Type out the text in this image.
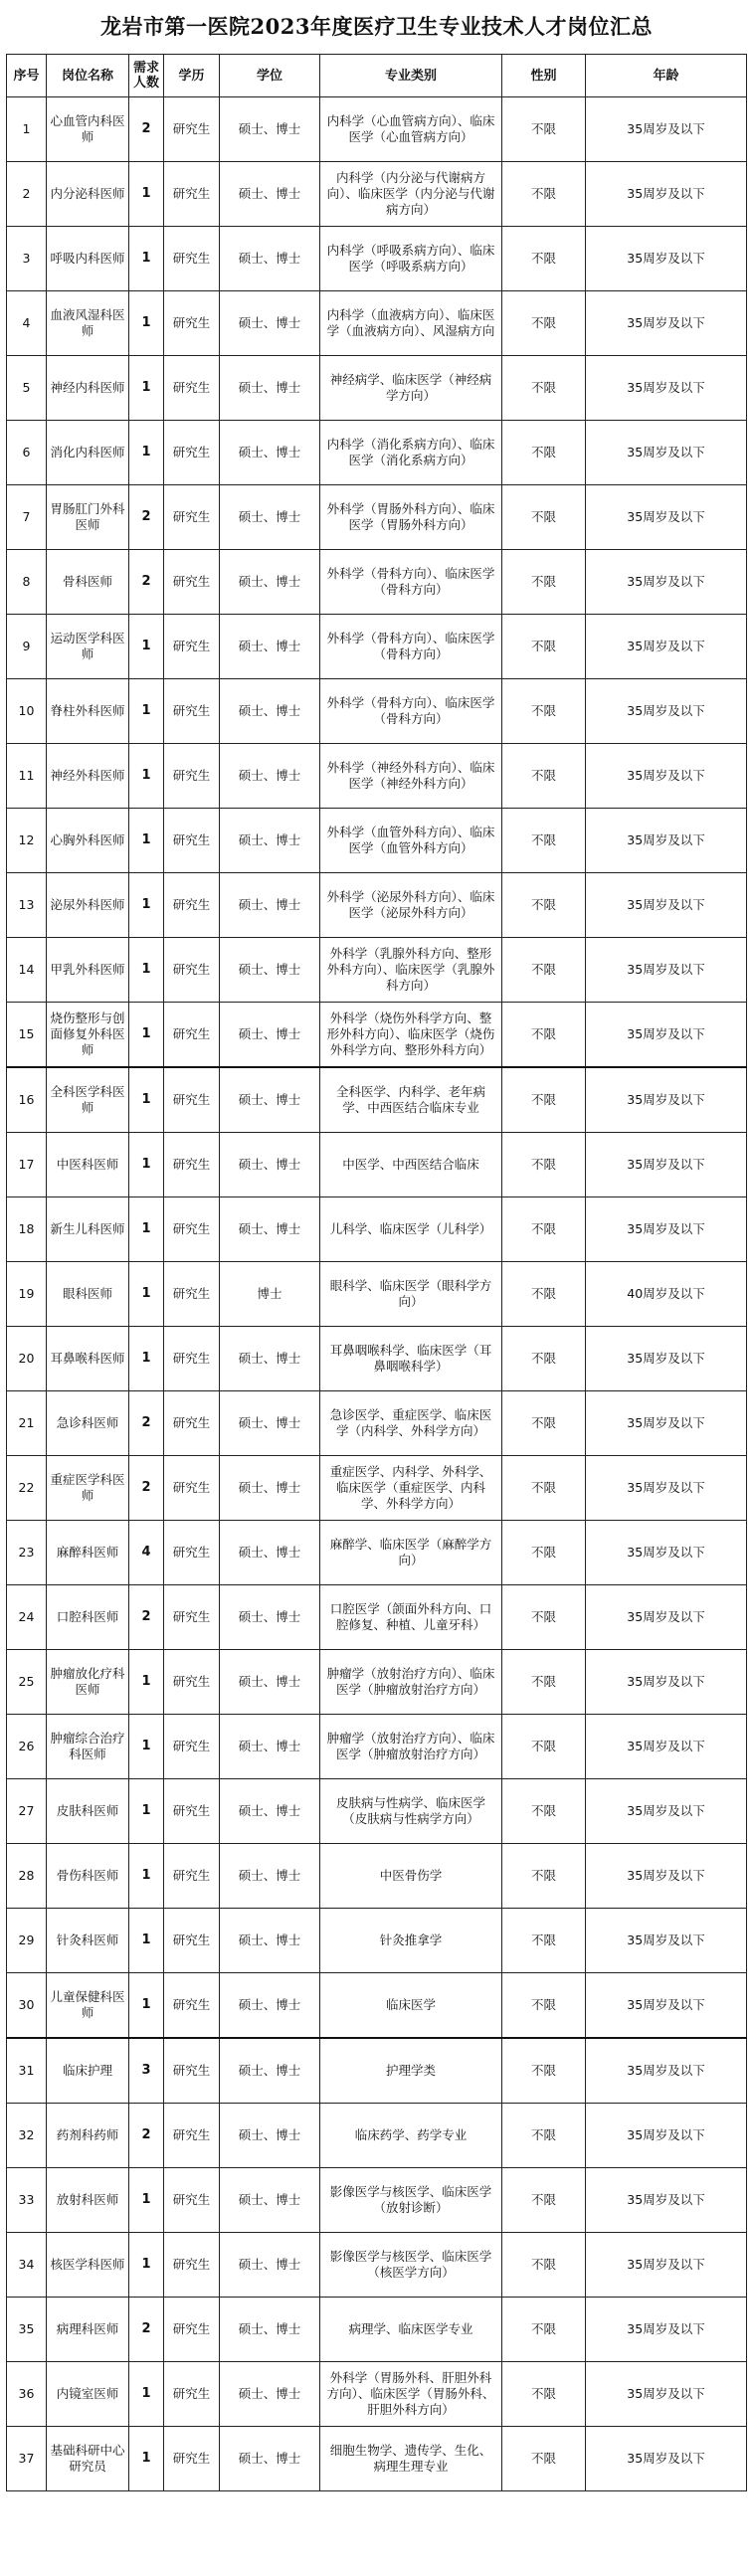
龙岩市第一医院2023年度医疗卫生专业技术人才岗位汇总
序号	岗位名称	需求人数	学历	学位	专业类别	性别	年龄
1	心血管内科医师	2	研究生	硕士、博士	内科学（心血管病方向）、临床医学（心血管病方向）	不限	35周岁及以下
2	内分泌科医师	1	研究生	硕士、博士	内科学（内分泌与代谢病方向）、临床医学（内分泌与代谢病方向）	不限	35周岁及以下
3	呼吸内科医师	1	研究生	硕士、博士	内科学（呼吸系病方向）、临床医学（呼吸系病方向）	不限	35周岁及以下
4	血液风湿科医师	1	研究生	硕士、博士	内科学（血液病方向）、临床医学（血液病方向）、风湿病方向	不限	35周岁及以下
5	神经内科医师	1	研究生	硕士、博士	神经病学、临床医学（神经病学方向）	不限	35周岁及以下
6	消化内科医师	1	研究生	硕士、博士	内科学（消化系病方向）、临床医学（消化系病方向）	不限	35周岁及以下
7	胃肠肛门外科医师	2	研究生	硕士、博士	外科学（胃肠外科方向）、临床医学（胃肠外科方向）	不限	35周岁及以下
8	骨科医师	2	研究生	硕士、博士	外科学（骨科方向）、临床医学（骨科方向）	不限	35周岁及以下
9	运动医学科医师	1	研究生	硕士、博士	外科学（骨科方向）、临床医学（骨科方向）	不限	35周岁及以下
10	脊柱外科医师	1	研究生	硕士、博士	外科学（骨科方向）、临床医学（骨科方向）	不限	35周岁及以下
11	神经外科医师	1	研究生	硕士、博士	外科学（神经外科方向）、临床医学（神经外科方向）	不限	35周岁及以下
12	心胸外科医师	1	研究生	硕士、博士	外科学（血管外科方向）、临床医学（血管外科方向）	不限	35周岁及以下
13	泌尿外科医师	1	研究生	硕士、博士	外科学（泌尿外科方向）、临床医学（泌尿外科方向）	不限	35周岁及以下
14	甲乳外科医师	1	研究生	硕士、博士	外科学（乳腺外科方向、整形外科方向）、临床医学（乳腺外科方向）	不限	35周岁及以下
15	烧伤整形与创面修复外科医师	1	研究生	硕士、博士	外科学（烧伤外科学方向、整形外科方向）、临床医学（烧伤外科学方向、整形外科方向）	不限	35周岁及以下
16	全科医学科医师	1	研究生	硕士、博士	全科医学、内科学、老年病学、中西医结合临床专业	不限	35周岁及以下
17	中医科医师	1	研究生	硕士、博士	中医学、中西医结合临床	不限	35周岁及以下
18	新生儿科医师	1	研究生	硕士、博士	儿科学、临床医学（儿科学）	不限	35周岁及以下
19	眼科医师	1	研究生	博士	眼科学、临床医学（眼科学方向）	不限	40周岁及以下
20	耳鼻喉科医师	1	研究生	硕士、博士	耳鼻咽喉科学、临床医学（耳鼻咽喉科学）	不限	35周岁及以下
21	急诊科医师	2	研究生	硕士、博士	急诊医学、重症医学、临床医学（内科学、外科学方向）	不限	35周岁及以下
22	重症医学科医师	2	研究生	硕士、博士	重症医学、内科学、外科学、临床医学（重症医学、内科学、外科学方向）	不限	35周岁及以下
23	麻醉科医师	4	研究生	硕士、博士	麻醉学、临床医学（麻醉学方向）	不限	35周岁及以下
24	口腔科医师	2	研究生	硕士、博士	口腔医学（颌面外科方向、口腔修复、种植、儿童牙科）	不限	35周岁及以下
25	肿瘤放化疗科医师	1	研究生	硕士、博士	肿瘤学（放射治疗方向）、临床医学（肿瘤放射治疗方向）	不限	35周岁及以下
26	肿瘤综合治疗科医师	1	研究生	硕士、博士	肿瘤学（放射治疗方向）、临床医学（肿瘤放射治疗方向）	不限	35周岁及以下
27	皮肤科医师	1	研究生	硕士、博士	皮肤病与性病学、临床医学（皮肤病与性病学方向）	不限	35周岁及以下
28	骨伤科医师	1	研究生	硕士、博士	中医骨伤学	不限	35周岁及以下
29	针灸科医师	1	研究生	硕士、博士	针灸推拿学	不限	35周岁及以下
30	儿童保健科医师	1	研究生	硕士、博士	临床医学	不限	35周岁及以下
31	临床护理	3	研究生	硕士、博士	护理学类	不限	35周岁及以下
32	药剂科药师	2	研究生	硕士、博士	临床药学、药学专业	不限	35周岁及以下
33	放射科医师	1	研究生	硕士、博士	影像医学与核医学、临床医学（放射诊断）	不限	35周岁及以下
34	核医学科医师	1	研究生	硕士、博士	影像医学与核医学、临床医学（核医学方向）	不限	35周岁及以下
35	病理科医师	2	研究生	硕士、博士	病理学、临床医学专业	不限	35周岁及以下
36	内镜室医师	1	研究生	硕士、博士	外科学（胃肠外科、肝胆外科方向）、临床医学（胃肠外科、肝胆外科方向）	不限	35周岁及以下
37	基础科研中心研究员	1	研究生	硕士、博士	细胞生物学、遗传学、生化、病理生理专业	不限	35周岁及以下
